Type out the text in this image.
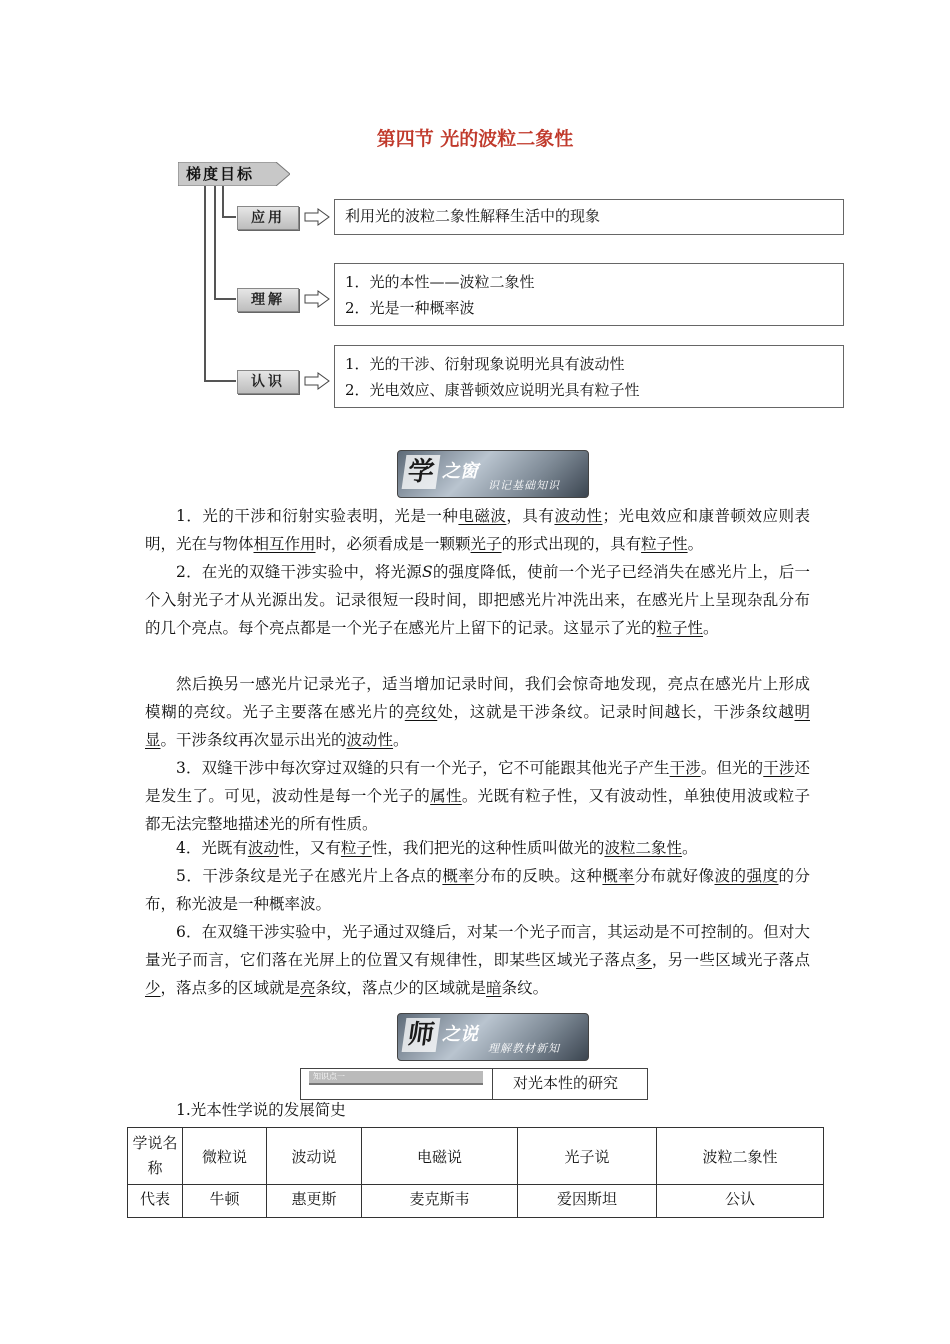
第四节 光的波粒二象性
梯度目标
应用
理解
认识
利用光的波粒二象性解释生活中的现象
1．光的本性——波粒二象性
2．光是一种概率波
1．光的干涉、衍射现象说明光具有波动性
2．光电效应、康普顿效应说明光具有粒子性
学 之窗
识记基础知识
1．光的干涉和衍射实验表明，光是一种电磁波，具有波动性；光电效应和康普顿效应则表明，光在与物体相互作用时，必须看成是一颗颗光子的形式出现的，具有粒子性。
2．在光的双缝干涉实验中，将光源S的强度降低，使前一个光子已经消失在感光片上，后一个入射光子才从光源出发。记录很短一段时间，即把感光片冲洗出来，在感光片上呈现杂乱分布的几个亮点。每个亮点都是一个光子在感光片上留下的记录。这显示了光的粒子性。
然后换另一感光片记录光子，适当增加记录时间，我们会惊奇地发现，亮点在感光片上形成模糊的亮纹。光子主要落在感光片的亮纹处，这就是干涉条纹。记录时间越长，干涉条纹越明显。干涉条纹再次显示出光的波动性。
3．双缝干涉中每次穿过双缝的只有一个光子，它不可能跟其他光子产生干涉。但光的干涉还是发生了。可见，波动性是每一个光子的属性。光既有粒子性，又有波动性，单独使用波或粒子都无法完整地描述光的所有性质。
4．光既有波动性，又有粒子性，我们把光的这种性质叫做光的波粒二象性。
5．干涉条纹是光子在感光片上各点的概率分布的反映。这种概率分布就好像波的强度的分布，称光波是一种概率波。
6．在双缝干涉实验中，光子通过双缝后，对某一个光子而言，其运动是不可控制的。但对大量光子而言，它们落在光屏上的位置又有规律性，即某些区域光子落点多，另一些区域光子落点少，落点多的区域就是亮条纹，落点少的区域就是暗条纹。
师 之说
理解教材新知
知识点一	对光本性的研究
1.光本性学说的发展简史
学说名称	微粒说	波动说	电磁说	光子说	波粒二象性
代表	牛顿	惠更斯	麦克斯韦	爱因斯坦	公认
